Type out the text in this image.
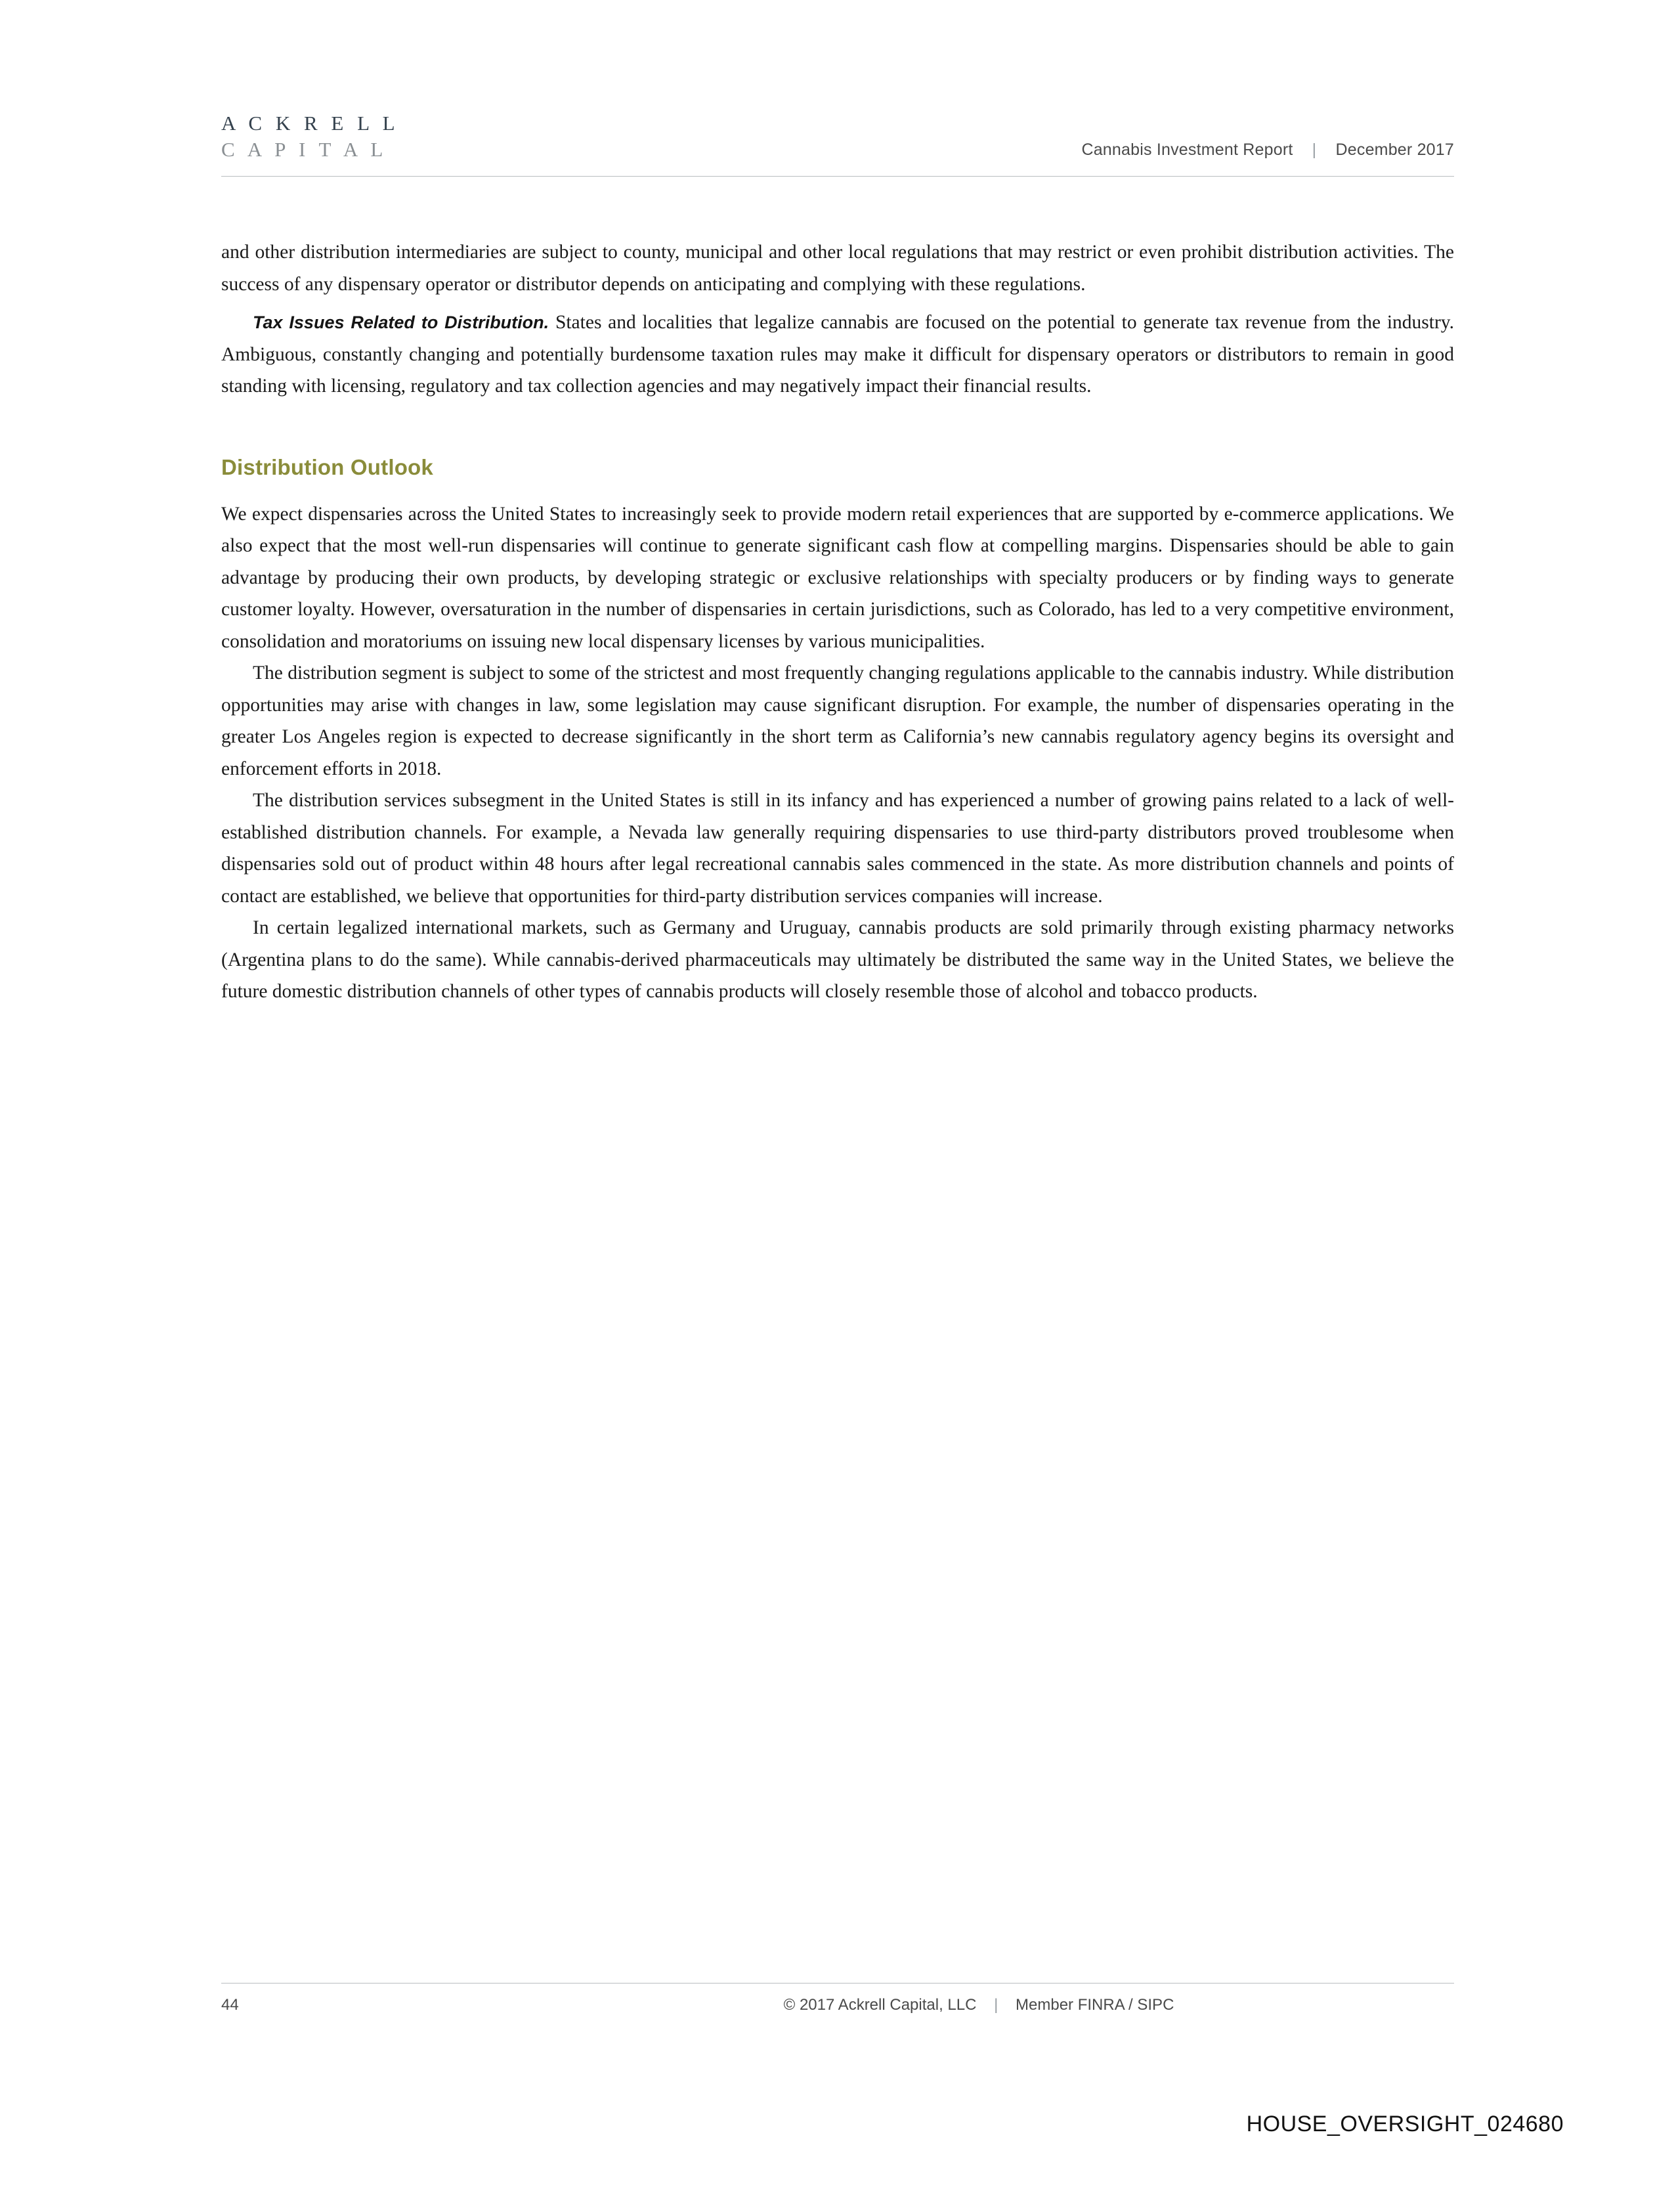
A C K R E L L
C A P I T A L	Cannabis Investment Report | December 2017

and other distribution intermediaries are subject to county, municipal and other local regulations that may restrict or even prohibit distribution activities. The success of any dispensary operator or distributor depends on anticipating and complying with these regulations.

Tax Issues Related to Distribution. States and localities that legalize cannabis are focused on the potential to generate tax revenue from the industry. Ambiguous, constantly changing and potentially burdensome taxation rules may make it difficult for dispensary operators or distributors to remain in good standing with licensing, regulatory and tax collection agencies and may negatively impact their financial results.

Distribution Outlook

We expect dispensaries across the United States to increasingly seek to provide modern retail experiences that are supported by e-commerce applications. We also expect that the most well-run dispensaries will continue to generate significant cash flow at compelling margins. Dispensaries should be able to gain advantage by producing their own products, by developing strategic or exclusive relationships with specialty producers or by finding ways to generate customer loyalty. However, oversaturation in the number of dispensaries in certain jurisdictions, such as Colorado, has led to a very competitive environment, consolidation and moratoriums on issuing new local dispensary licenses by various municipalities.

The distribution segment is subject to some of the strictest and most frequently changing regulations applicable to the cannabis industry. While distribution opportunities may arise with changes in law, some legislation may cause significant disruption. For example, the number of dispensaries operating in the greater Los Angeles region is expected to decrease significantly in the short term as California’s new cannabis regulatory agency begins its oversight and enforcement efforts in 2018.

The distribution services subsegment in the United States is still in its infancy and has experienced a number of growing pains related to a lack of well-established distribution channels. For example, a Nevada law generally requiring dispensaries to use third-party distributors proved troublesome when dispensaries sold out of product within 48 hours after legal recreational cannabis sales commenced in the state. As more distribution channels and points of contact are established, we believe that opportunities for third-party distribution services companies will increase.

In certain legalized international markets, such as Germany and Uruguay, cannabis products are sold primarily through existing pharmacy networks (Argentina plans to do the same). While cannabis-derived pharmaceuticals may ultimately be distributed the same way in the United States, we believe the future domestic distribution channels of other types of cannabis products will closely resemble those of alcohol and tobacco products.

44	© 2017 Ackrell Capital, LLC | Member FINRA / SIPC
HOUSE_OVERSIGHT_024680
